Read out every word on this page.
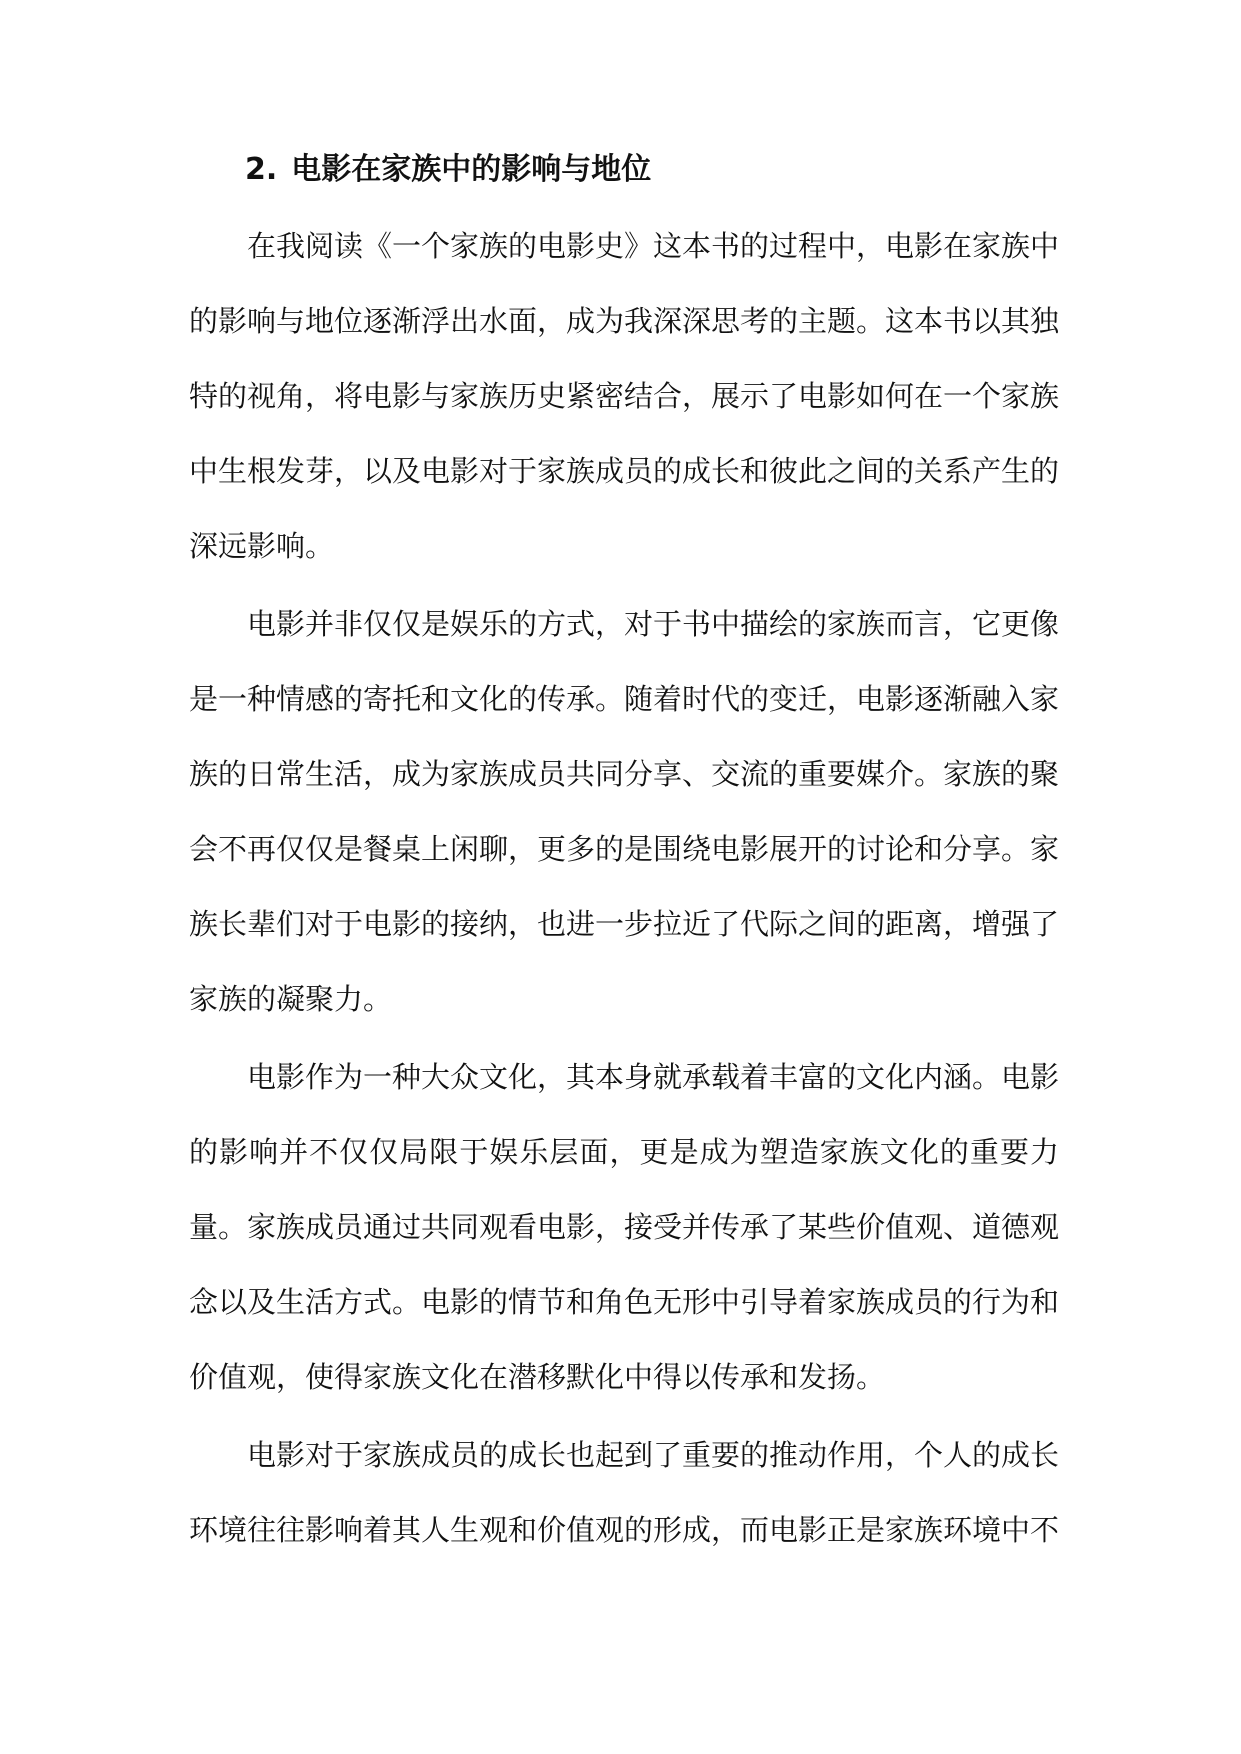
2. 电影在家族中的影响与地位

在我阅读《一个家族的电影史》这本书的过程中，电影在家族中的影响与地位逐渐浮出水面，成为我深深思考的主题。这本书以其独特的视角，将电影与家族历史紧密结合，展示了电影如何在一个家族中生根发芽，以及电影对于家族成员的成长和彼此之间的关系产生的深远影响。

电影并非仅仅是娱乐的方式，对于书中描绘的家族而言，它更像是一种情感的寄托和文化的传承。随着时代的变迁，电影逐渐融入家族的日常生活，成为家族成员共同分享、交流的重要媒介。家族的聚会不再仅仅是餐桌上闲聊，更多的是围绕电影展开的讨论和分享。家族长辈们对于电影的接纳，也进一步拉近了代际之间的距离，增强了家族的凝聚力。

电影作为一种大众文化，其本身就承载着丰富的文化内涵。电影的影响并不仅仅局限于娱乐层面，更是成为塑造家族文化的重要力量。家族成员通过共同观看电影，接受并传承了某些价值观、道德观念以及生活方式。电影的情节和角色无形中引导着家族成员的行为和价值观，使得家族文化在潜移默化中得以传承和发扬。

电影对于家族成员的成长也起到了重要的推动作用，个人的成长环境往往影响着其人生观和价值观的形成，而电影正是家族环境中不
